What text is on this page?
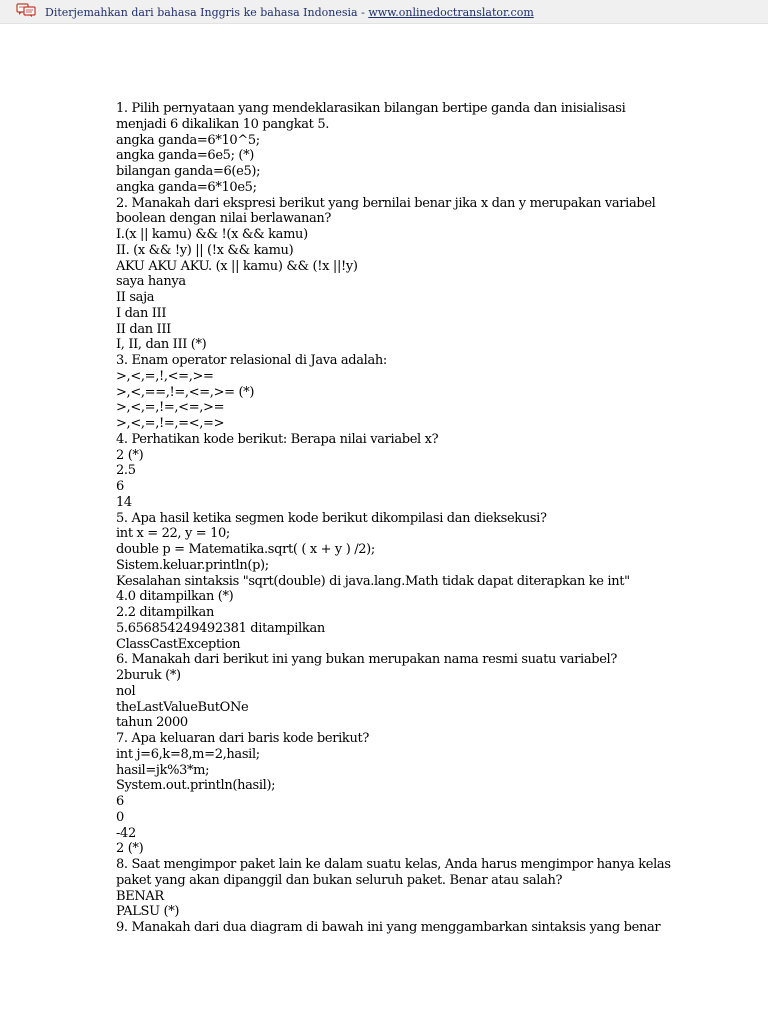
Diterjemahkan dari bahasa Inggris ke bahasa Indonesia - www.onlinedoctranslator.com
1. Pilih pernyataan yang mendeklarasikan bilangan bertipe ganda dan inisialisasi
menjadi 6 dikalikan 10 pangkat 5.
angka ganda=6*10^5;
angka ganda=6e5; (*)
bilangan ganda=6(e5);
angka ganda=6*10e5;
2. Manakah dari ekspresi berikut yang bernilai benar jika x dan y merupakan variabel
boolean dengan nilai berlawanan?
I.(x || kamu) && !(x && kamu)
II. (x && !y) || (!x && kamu)
AKU AKU AKU. (x || kamu) && (!x ||!y)
saya hanya
II saja
I dan III
II dan III
I, II, dan III (*)
3. Enam operator relasional di Java adalah:
>,<,=,!,<=,>=
>,<,==,!=,<=,>= (*)
>,<,=,!=,<=,>=
>,<,=,!=,=<,=>
4. Perhatikan kode berikut: Berapa nilai variabel x?
2 (*)
2.5
6
14
5. Apa hasil ketika segmen kode berikut dikompilasi dan dieksekusi?
int x = 22, y = 10;
double p = Matematika.sqrt( ( x + y ) /2);
Sistem.keluar.println(p);
Kesalahan sintaksis "sqrt(double) di java.lang.Math tidak dapat diterapkan ke int"
4.0 ditampilkan (*)
2.2 ditampilkan
5.656854249492381 ditampilkan
ClassCastException
6. Manakah dari berikut ini yang bukan merupakan nama resmi suatu variabel?
2buruk (*)
nol
theLastValueButONe
tahun 2000
7. Apa keluaran dari baris kode berikut?
int j=6,k=8,m=2,hasil;
hasil=jk%3*m;
System.out.println(hasil);
6
0
-42
2 (*)
8. Saat mengimpor paket lain ke dalam suatu kelas, Anda harus mengimpor hanya kelas
paket yang akan dipanggil dan bukan seluruh paket. Benar atau salah?
BENAR
PALSU (*)
9. Manakah dari dua diagram di bawah ini yang menggambarkan sintaksis yang benar
